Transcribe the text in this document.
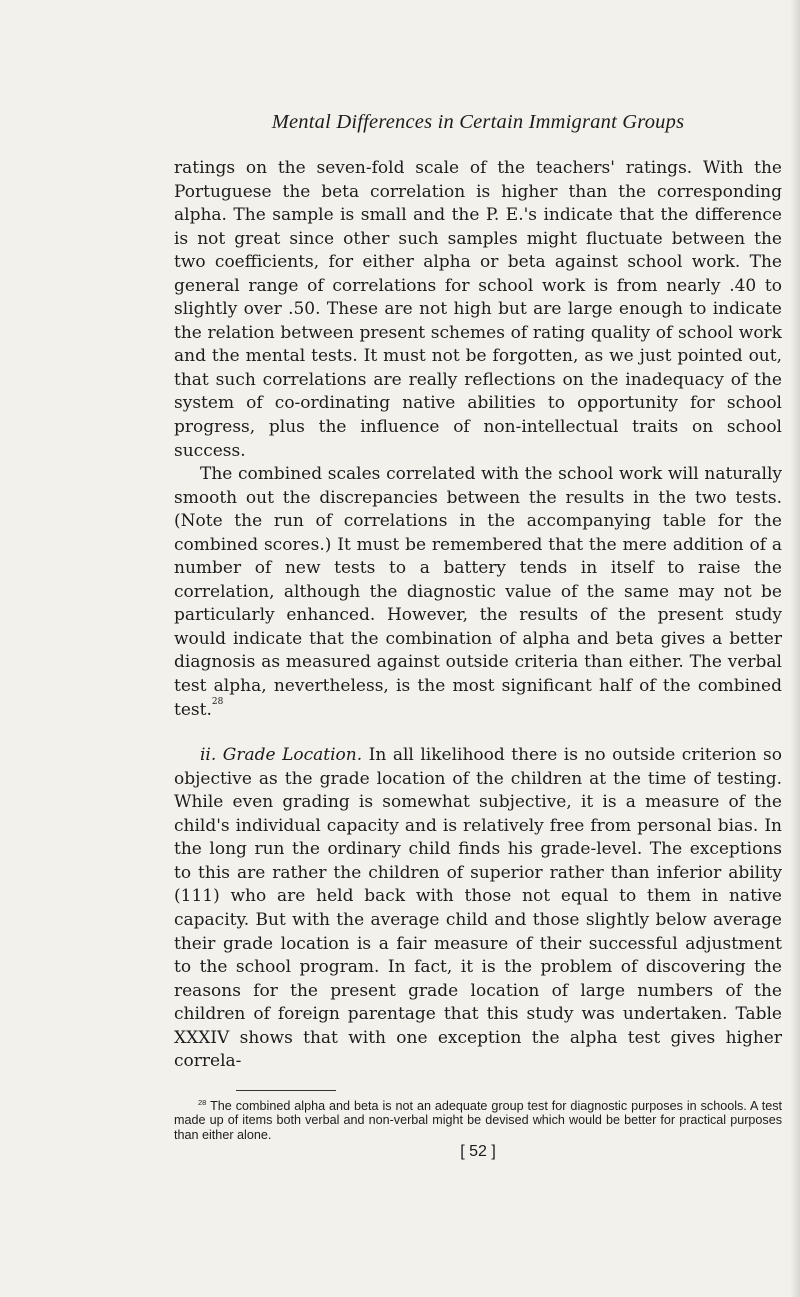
Mental Differences in Certain Immigrant Groups

ratings on the seven-fold scale of the teachers' ratings. With the Portuguese the beta correlation is higher than the corresponding alpha. The sample is small and the P. E.'s indicate that the difference is not great since other such samples might fluctuate between the two coefficients, for either alpha or beta against school work. The general range of correlations for school work is from nearly .40 to slightly over .50. These are not high but are large enough to indicate the relation between present schemes of rating quality of school work and the mental tests. It must not be forgotten, as we just pointed out, that such correlations are really reflections on the inadequacy of the system of co-ordinating native abilities to opportunity for school progress, plus the influence of non-intellectual traits on school success.

The combined scales correlated with the school work will naturally smooth out the discrepancies between the results in the two tests. (Note the run of correlations in the accompanying table for the combined scores.) It must be remembered that the mere addition of a number of new tests to a battery tends in itself to raise the correlation, although the diagnostic value of the same may not be particularly enhanced. However, the results of the present study would indicate that the combination of alpha and beta gives a better diagnosis as measured against outside criteria than either. The verbal test alpha, nevertheless, is the most significant half of the combined test.$^{28}$

ii. Grade Location. In all likelihood there is no outside criterion so objective as the grade location of the children at the time of testing. While even grading is somewhat subjective, it is a measure of the child's individual capacity and is relatively free from personal bias. In the long run the ordinary child finds his grade-level. The exceptions to this are rather the children of superior rather than inferior ability (111) who are held back with those not equal to them in native capacity. But with the average child and those slightly below average their grade location is a fair measure of their successful adjustment to the school program. In fact, it is the problem of discovering the reasons for the present grade location of large numbers of the children of foreign parentage that this study was undertaken. Table XXXIV shows that with one exception the alpha test gives higher correla-

$^{28}$ The combined alpha and beta is not an adequate group test for diagnostic purposes in schools. A test made up of items both verbal and non-verbal might be devised which would be better for practical purposes than either alone.

[ 52 ]
